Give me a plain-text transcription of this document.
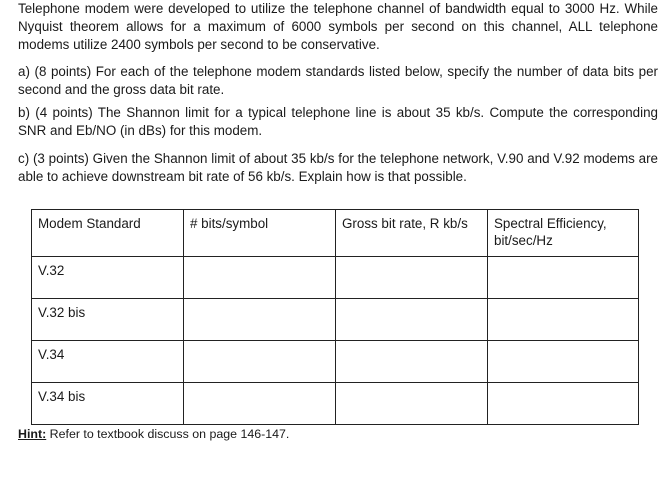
Telephone modem were developed to utilize the telephone channel of bandwidth equal to 3000 Hz. While Nyquist theorem allows for a maximum of 6000 symbols per second on this channel, ALL telephone modems utilize 2400 symbols per second to be conservative.

a) (8 points) For each of the telephone modem standards listed below, specify the number of data bits per second and the gross data bit rate.

b) (4 points) The Shannon limit for a typical telephone line is about 35 kb/s. Compute the corresponding SNR and Eb/NO (in dBs) for this modem.

c) (3 points) Given the Shannon limit of about 35 kb/s for the telephone network, V.90 and V.92 modems are able to achieve downstream bit rate of 56 kb/s. Explain how is that possible.

Modem Standard	# bits/symbol	Gross bit rate, R kb/s	Spectral Efficiency, bit/sec/Hz
V.32			
V.32 bis			
V.34			
V.34 bis			

Hint: Refer to textbook discuss on page 146-147.
